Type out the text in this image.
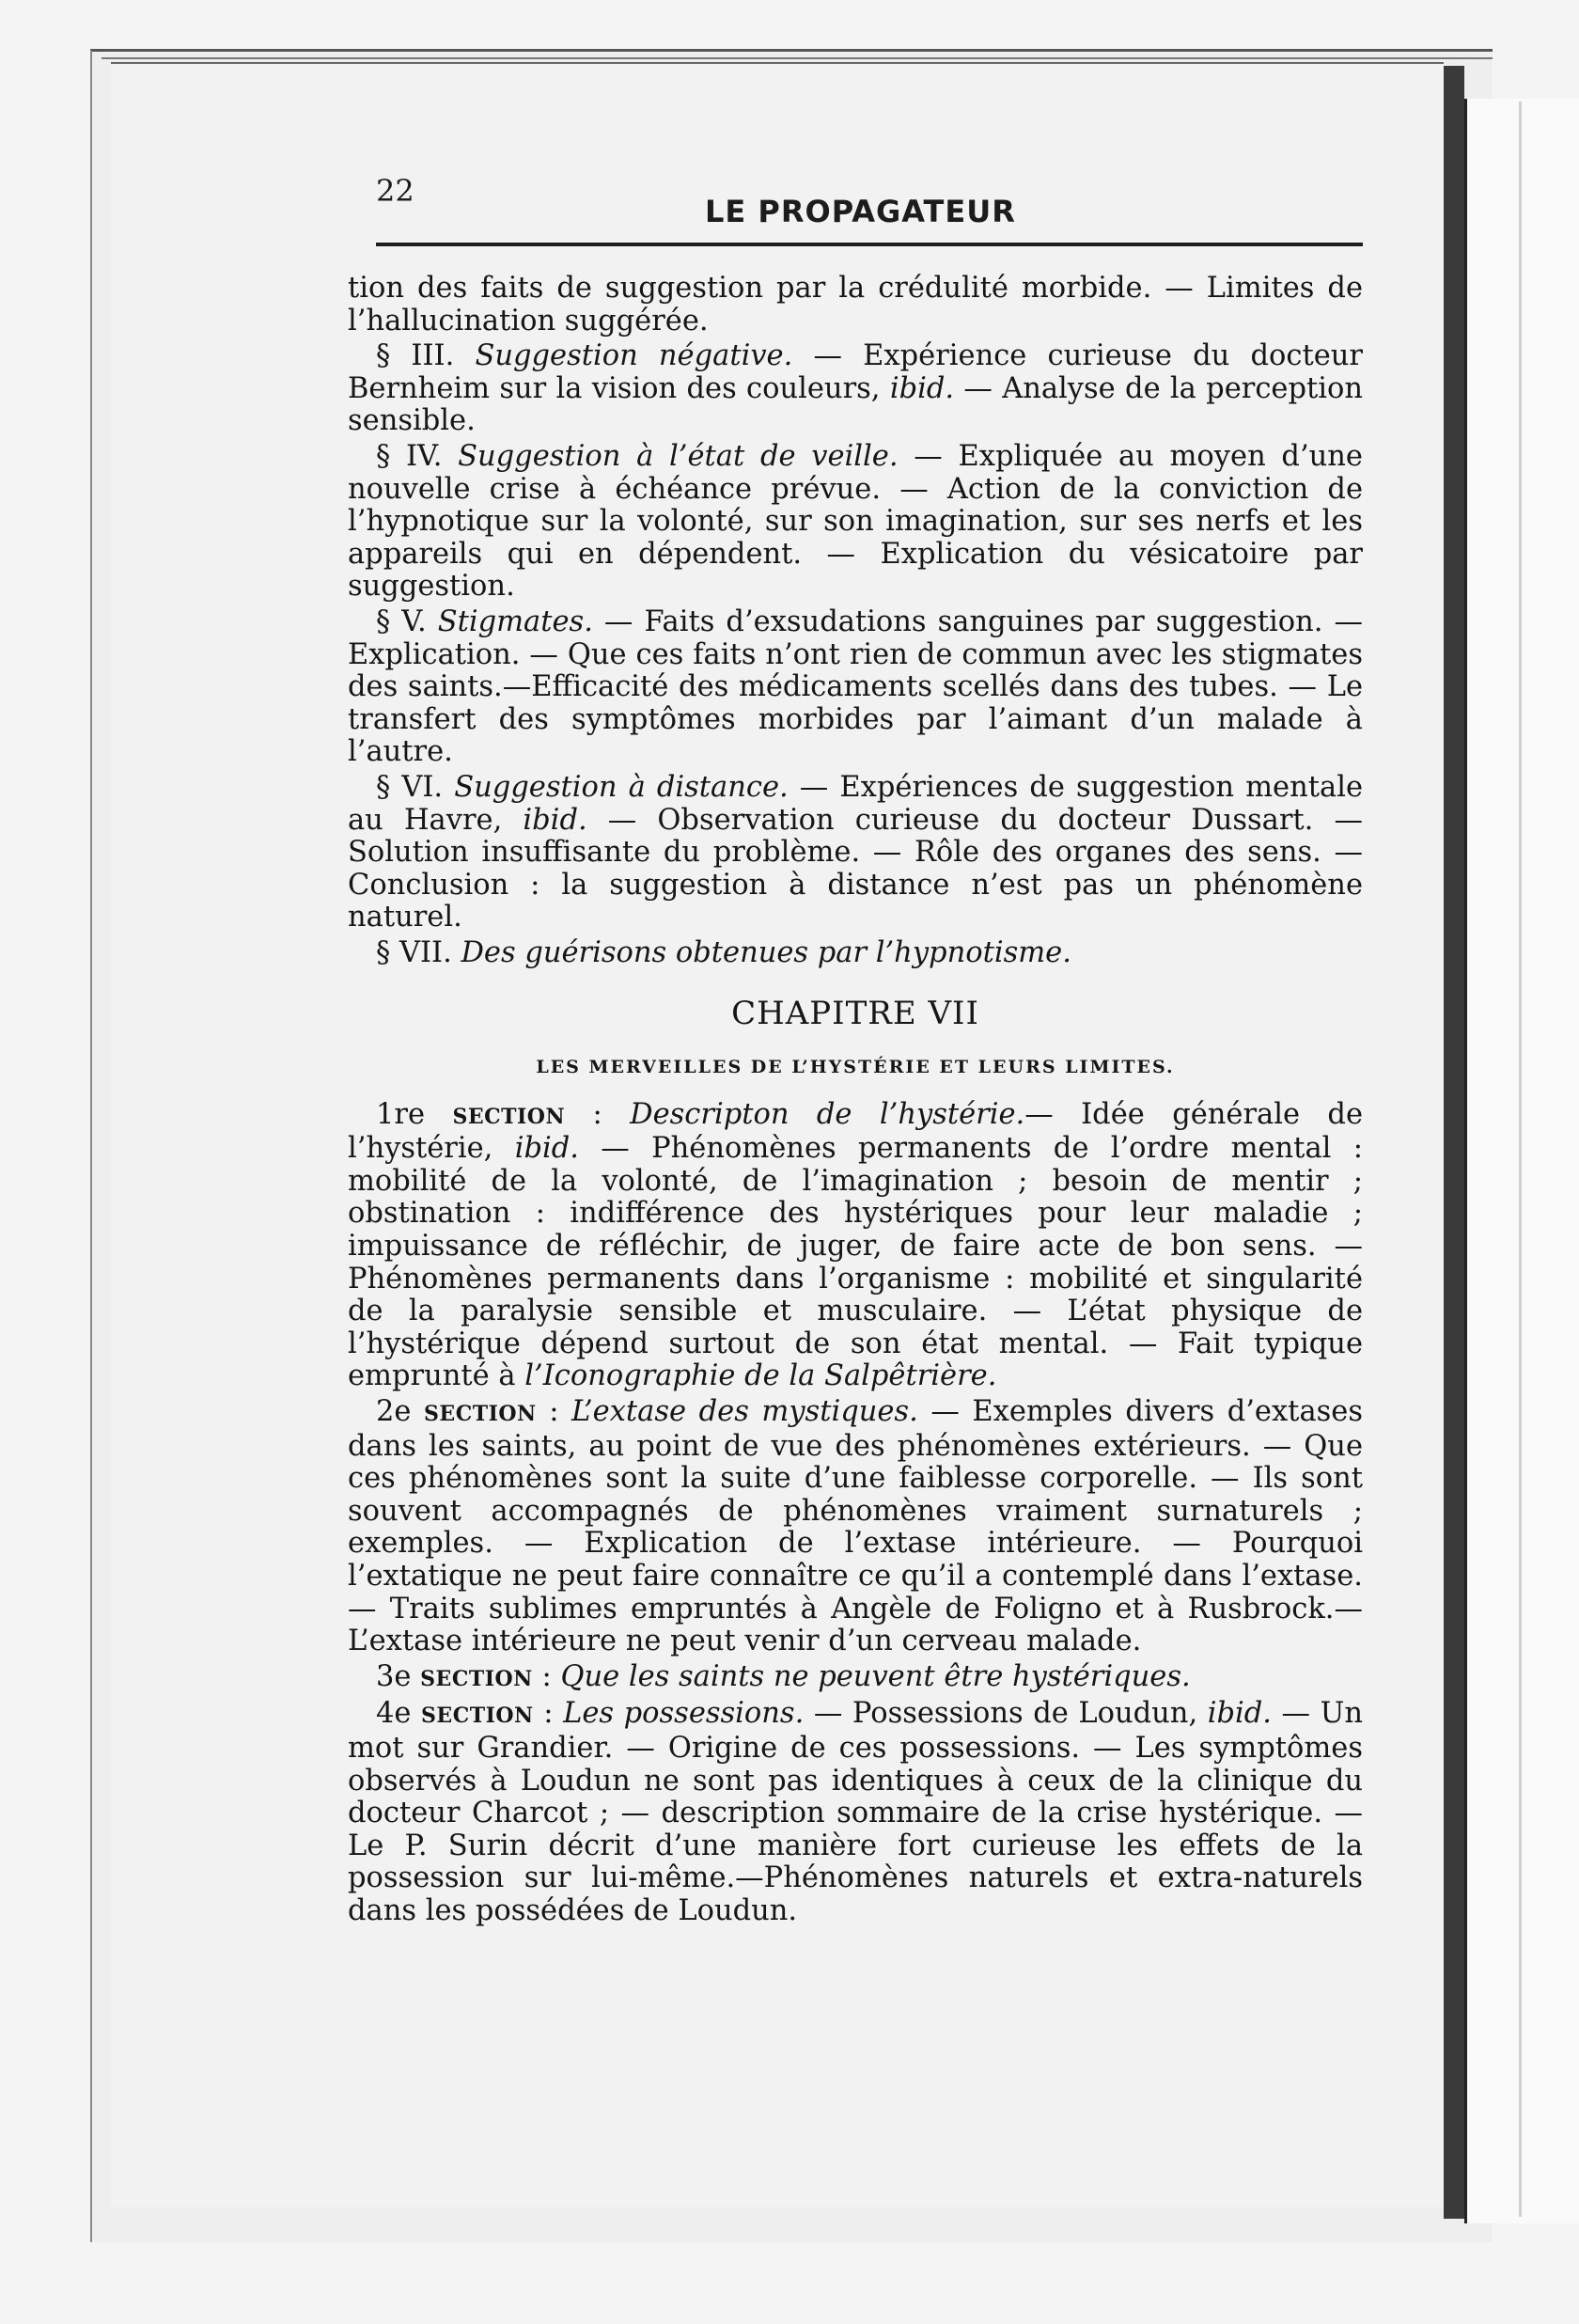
22
LE PROPAGATEUR

tion des faits de suggestion par la crédulité morbide. — Limites de l’hallucination suggérée.

§ III. Suggestion négative. — Expérience curieuse du docteur Bernheim sur la vision des couleurs, ibid. — Analyse de la perception sensible.

§ IV. Suggestion à l’état de veille. — Expliquée au moyen d’une nouvelle crise à échéance prévue. — Action de la conviction de l’hypnotique sur la volonté, sur son imagination, sur ses nerfs et les appareils qui en dépendent. — Explication du vésicatoire par suggestion.

§ V. Stigmates. — Faits d’exsudations sanguines par suggestion. — Explication. — Que ces faits n’ont rien de commun avec les stigmates des saints.—Efficacité des médicaments scellés dans des tubes. — Le transfert des symptômes morbides par l’aimant d’un malade à l’autre.

§ VI. Suggestion à distance. — Expériences de suggestion mentale au Havre, ibid. — Observation curieuse du docteur Dussart. — Solution insuffisante du problème. — Rôle des organes des sens. — Conclusion : la suggestion à distance n’est pas un phénomène naturel.

§ VII. Des guérisons obtenues par l’hypnotisme.

CHAPITRE VII
LES MERVEILLES DE L’HYSTÉRIE ET LEURS LIMITES.

1re SECTION : Descripton de l’hystérie.— Idée générale de l’hystérie, ibid. — Phénomènes permanents de l’ordre mental : mobilité de la volonté, de l’imagination ; besoin de mentir ; obstination : indifférence des hystériques pour leur maladie ; impuissance de réfléchir, de juger, de faire acte de bon sens. — Phénomènes permanents dans l’organisme : mobilité et singularité de la paralysie sensible et musculaire. — L’état physique de l’hystérique dépend surtout de son état mental. — Fait typique emprunté à l’Iconographie de la Salpêtrière.

2e SECTION : L’extase des mystiques. — Exemples divers d’extases dans les saints, au point de vue des phénomènes extérieurs. — Que ces phénomènes sont la suite d’une faiblesse corporelle. — Ils sont souvent accompagnés de phénomènes vraiment surnaturels ; exemples. — Explication de l’extase intérieure. — Pourquoi l’extatique ne peut faire connaître ce qu’il a contemplé dans l’extase. — Traits sublimes empruntés à Angèle de Foligno et à Rusbrock.— L’extase intérieure ne peut venir d’un cerveau malade.

3e SECTION : Que les saints ne peuvent être hystériques.

4e SECTION : Les possessions. — Possessions de Loudun, ibid. — Un mot sur Grandier. — Origine de ces possessions. — Les symptômes observés à Loudun ne sont pas identiques à ceux de la clinique du docteur Charcot ; — description sommaire de la crise hystérique. — Le P. Surin décrit d’une manière fort curieuse les effets de la possession sur lui-même.—Phénomènes naturels et extra-naturels dans les possédées de Loudun.
